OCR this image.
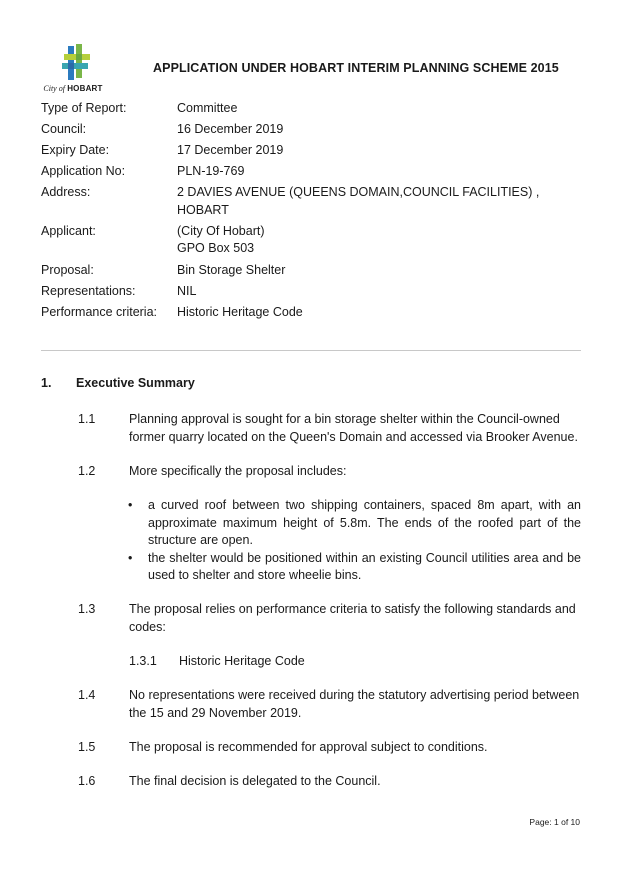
City of HOBART
APPLICATION UNDER HOBART INTERIM PLANNING SCHEME 2015
Type of Report:	Committee
Council:	16 December 2019
Expiry Date:	17 December 2019
Application No:	PLN-19-769
Address:	2 DAVIES AVENUE (QUEENS DOMAIN,COUNCIL FACILITIES) ,
HOBART
Applicant:	(City Of Hobart)
GPO Box 503
Proposal:	Bin Storage Shelter
Representations:	NIL
Performance criteria:	Historic Heritage Code
1.	Executive Summary
1.1	Planning approval is sought for a bin storage shelter within the Council-owned former quarry located on the Queen's Domain and accessed via Brooker Avenue.
1.2	More specifically the proposal includes:
•	a curved roof between two shipping containers, spaced 8m apart, with an approximate maximum height of 5.8m. The ends of the roofed part of the structure are open.
•	the shelter would be positioned within an existing Council utilities area and be used to shelter and store wheelie bins.
1.3	The proposal relies on performance criteria to satisfy the following standards and codes:
1.3.1	Historic Heritage Code
1.4	No representations were received during the statutory advertising period between the 15 and 29 November 2019.
1.5	The proposal is recommended for approval subject to conditions.
1.6	The final decision is delegated to the Council.
Page: 1 of 10
